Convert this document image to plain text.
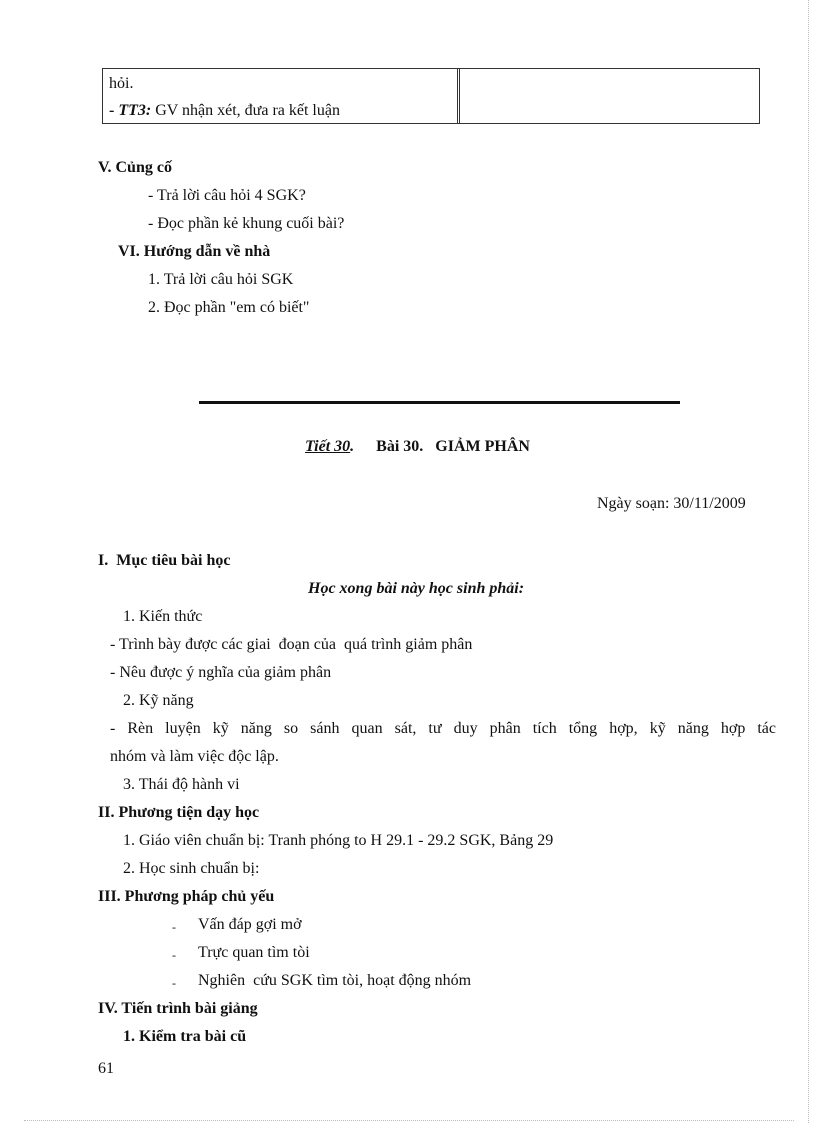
hỏi.
- TT3: GV nhận xét, đưa ra kết luận
V. Củng cố
- Trả lời câu hỏi 4 SGK?
- Đọc phần kẻ khung cuối bài?
VI. Hướng dẫn về nhà
1. Trả lời câu hỏi SGK
2. Đọc phần "em có biết"
Tiết 30. Bài 30.   GIẢM PHÂN
Ngày soạn: 30/11/2009
I.  Mục tiêu bài học
Học xong bài này học sinh phải:
1. Kiến thức
- Trình bày được các giai  đoạn của  quá trình giảm phân
- Nêu được ý nghĩa của giảm phân
2. Kỹ năng
- Rèn luyện kỹ năng so sánh quan sát, tư duy phân tích tổng hợp, kỹ năng hợp tác
nhóm và làm việc độc lập.
3. Thái độ hành vi
II. Phương tiện dạy học
1. Giáo viên chuẩn bị: Tranh phóng to H 29.1 - 29.2 SGK, Bảng 29
2. Học sinh chuẩn bị:
III. Phương pháp chủ yếu
- Vấn đáp gợi mở
- Trực quan tìm tòi
- Nghiên  cứu SGK tìm tòi, hoạt động nhóm
IV. Tiến trình bài giảng
1. Kiểm tra bài cũ
61
